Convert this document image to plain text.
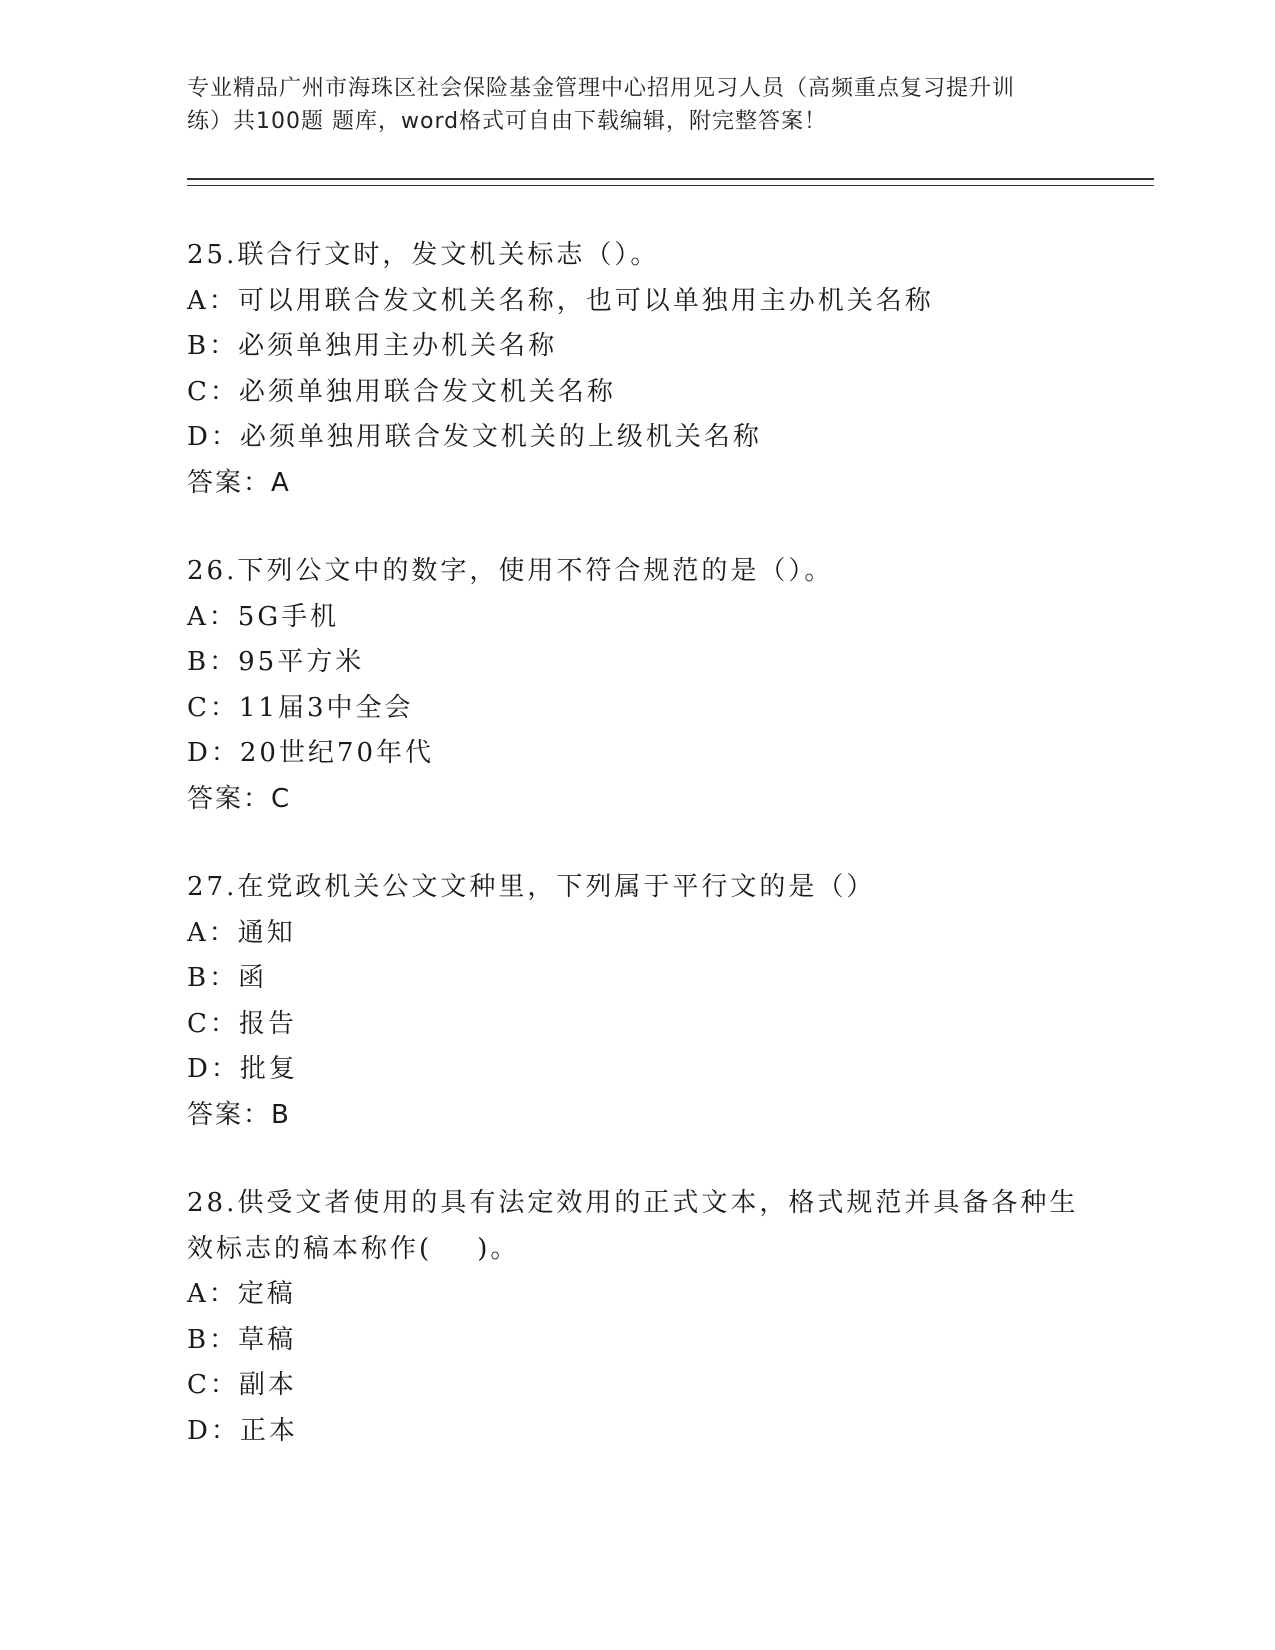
专业精品广州市海珠区社会保险基金管理中心招用见习人员（高频重点复习提升训
练）共100题 题库，word格式可自由下载编辑，附完整答案！
25.联合行文时，发文机关标志（）。
A：可以用联合发文机关名称，也可以单独用主办机关名称
B：必须单独用主办机关名称
C：必须单独用联合发文机关名称
D：必须单独用联合发文机关的上级机关名称
答案：A
26.下列公文中的数字，使用不符合规范的是（）。
A：5G手机
B：95平方米
C：11届3中全会
D：20世纪70年代
答案：C
27.在党政机关公文文种里，下列属于平行文的是（）
A：通知
B：函
C：报告
D：批复
答案：B
28.供受文者使用的具有法定效用的正式文本，格式规范并具备各种生
效标志的稿本称作(    )。
A：定稿
B：草稿
C：副本
D：正本
